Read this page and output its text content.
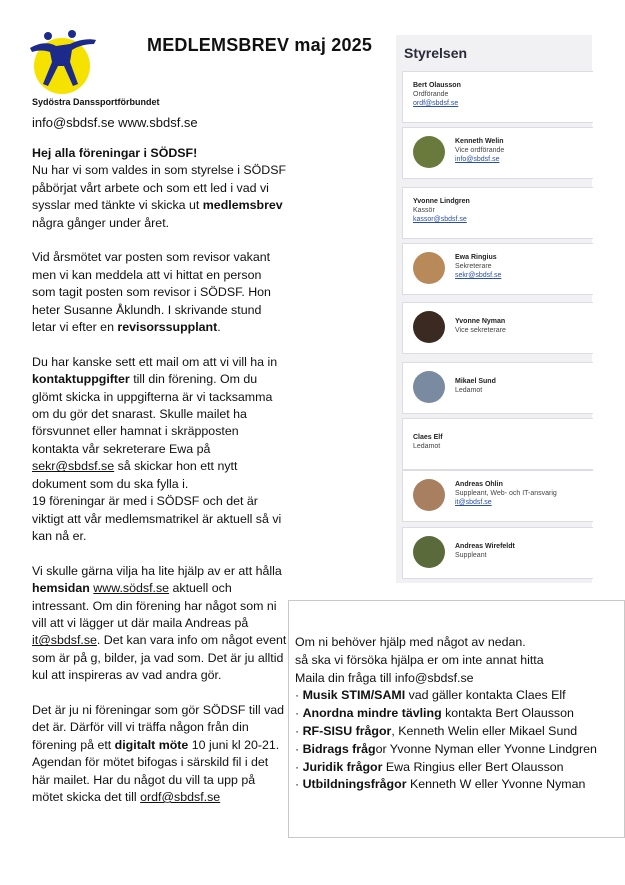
Sydöstra Danssportförbundet
info@sbdsf.se www.sbdsf.se
MEDLEMSBREV maj 2025

Hej alla föreningar i SÖDSF!
Nu har vi som valdes in som styrelse i SÖDSF påbörjat vårt arbete och som ett led i vad vi sysslar med tänkte vi skicka ut medlemsbrev några gånger under året.

Vid årsmötet var posten som revisor vakant men vi kan meddela att vi hittat en person som tagit posten som revisor i SÖDSF. Hon heter Susanne Åklundh. I skrivande stund letar vi efter en revisorssupplant.

Du har kanske sett ett mail om att vi vill ha in kontaktuppgifter till din förening. Om du glömt skicka in uppgifterna är vi tacksamma om du gör det snarast. Skulle mailet ha försvunnet eller hamnat i skräpposten kontakta vår sekreterare Ewa på sekr@sbdsf.se så skickar hon ett nytt dokument som du ska fylla i.
19 föreningar är med i SÖDSF och det är viktigt att vår medlemsmatrikel är aktuell så vi kan nå er.

Vi skulle gärna vilja ha lite hjälp av er att hålla hemsidan www.södsf.se aktuell och intressant. Om din förening har något som ni vill att vi lägger ut där maila Andreas på it@sbdsf.se. Det kan vara info om något event som är på g, bilder, ja vad som. Det är ju alltid kul att inspireras av vad andra gör.

Det är ju ni föreningar som gör SÖDSF till vad det är. Därför vill vi träffa någon från din förening på ett digitalt möte 10 juni kl 20-21. Agendan för mötet bifogas i särskild fil i det här mailet. Har du något du vill ta upp på mötet skicka det till ordf@sbdsf.se

Styrelsen
Bert Olausson
Ordförande
ordf@sbdsf.se
Kenneth Welin
Vice ordförande
info@sbdsf.se
Yvonne Lindgren
Kassör
kassor@sbdsf.se
Ewa Ringius
Sekreterare
sekr@sbdsf.se
Yvonne Nyman
Vice sekreterare
Mikael Sund
Ledamot
Claes Elf
Ledamot
Andreas Ohlin
Suppleant, Web- och IT-ansvarig
it@sbdsf.se
Andreas Wirefeldt
Suppleant
Om ni behöver hjälp med något av nedan.
så ska vi försöka hjälpa er om inte annat hitta
Maila din fråga till info@sbdsf.se
· Musik STIM/SAMI vad gäller kontakta Claes Elf
· Anordna mindre tävling kontakta Bert Olausson
· RF-SISU frågor, Kenneth Welin eller Mikael Sund
· Bidrags frågor Yvonne Nyman eller Yvonne Lindgren
· Juridik frågor Ewa Ringius eller Bert Olausson
· Utbildningsfrågor Kenneth W eller Yvonne Nyman
